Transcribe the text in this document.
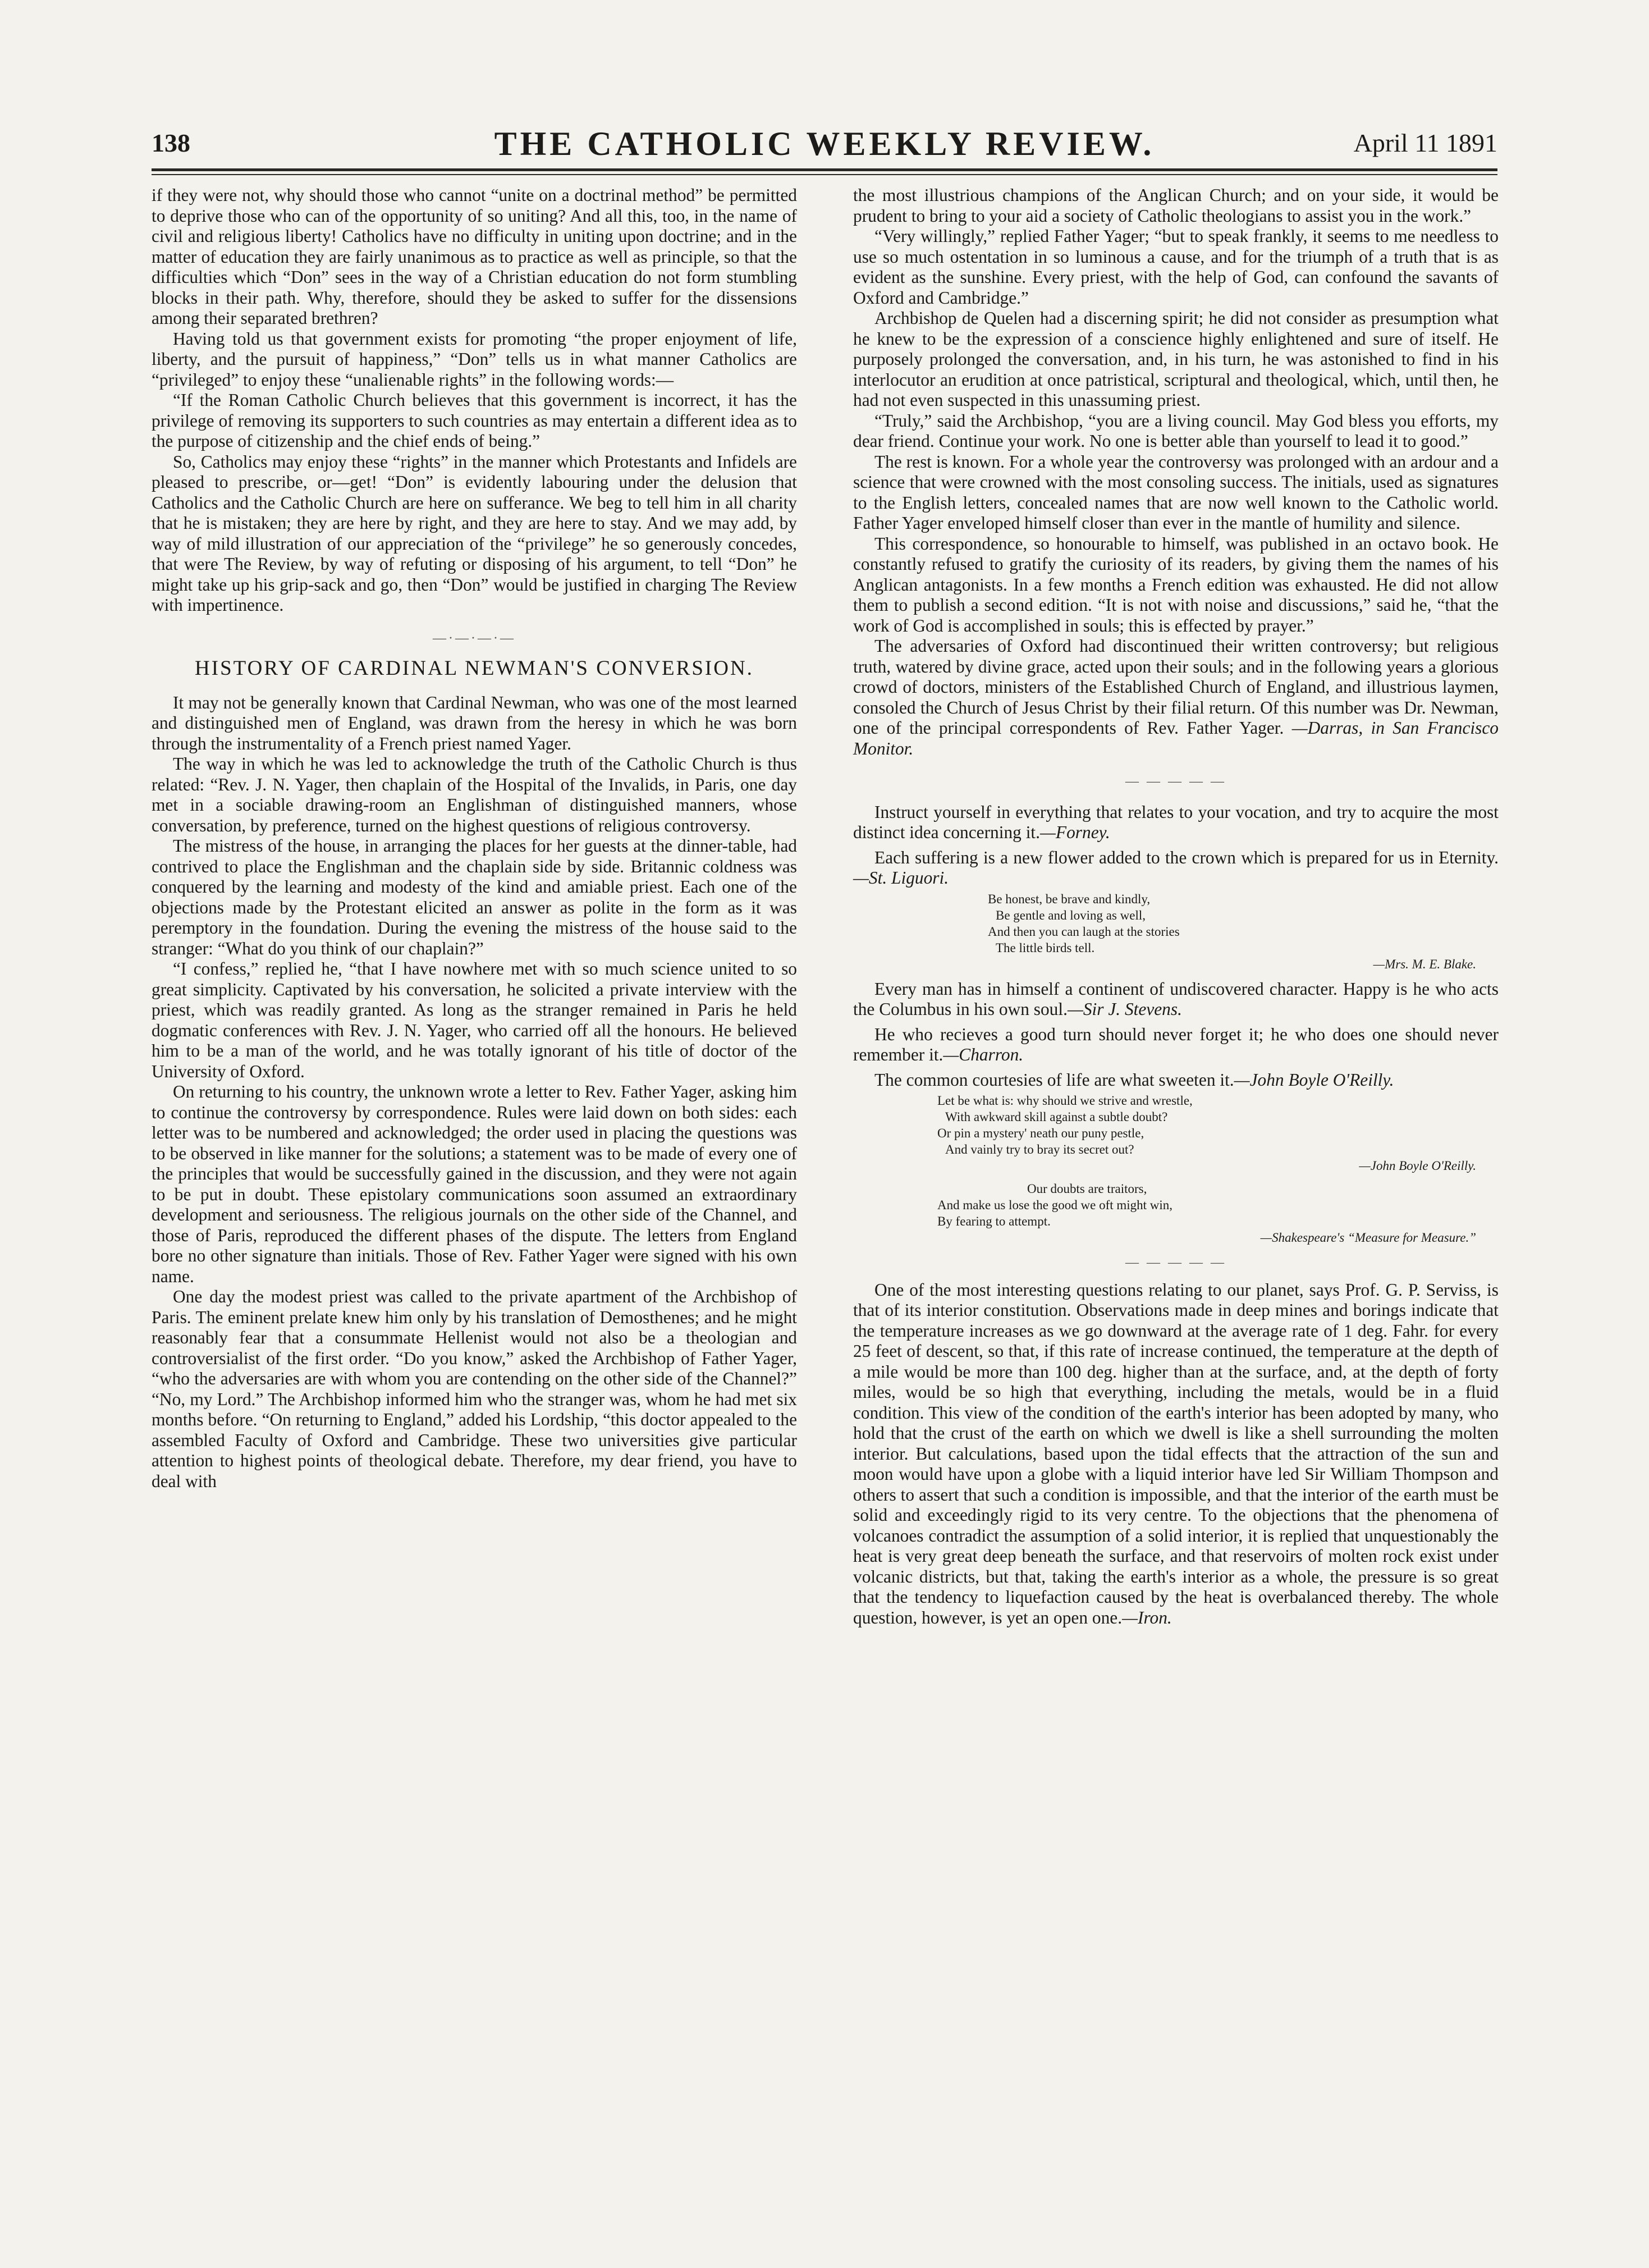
138	THE CATHOLIC WEEKLY REVIEW.	April 11 1891

if they were not, why should those who cannot “unite on a doctrinal method” be permitted to deprive those who can of the opportunity of so uniting? And all this, too, in the name of civil and religious liberty! Catholics have no difficulty in uniting upon doctrine; and in the matter of education they are fairly unanimous as to practice as well as principle, so that the difficulties which “Don” sees in the way of a Christian education do not form stumbling blocks in their path. Why, therefore, should they be asked to suffer for the dissensions among their separated brethren?

Having told us that government exists for promoting “the proper enjoyment of life, liberty, and the pursuit of happiness,” “Don” tells us in what manner Catholics are “privileged” to enjoy these “unalienable rights” in the following words:—

“If the Roman Catholic Church believes that this government is incorrect, it has the privilege of removing its supporters to such countries as may entertain a different idea as to the purpose of citizenship and the chief ends of being.”

So, Catholics may enjoy these “rights” in the manner which Protestants and Infidels are pleased to prescribe, or—get! “Don” is evidently labouring under the delusion that Catholics and the Catholic Church are here on sufferance. We beg to tell him in all charity that he is mistaken; they are here by right, and they are here to stay. And we may add, by way of mild illustration of our appreciation of the “privilege” he so generously concedes, that were The Review, by way of refuting or disposing of his argument, to tell “Don” he might take up his grip-sack and go, then “Don” would be justified in charging The Review with impertinence.

—·—·—·—
HISTORY OF CARDINAL NEWMAN'S CONVERSION.

It may not be generally known that Cardinal Newman, who was one of the most learned and distinguished men of England, was drawn from the heresy in which he was born through the instrumentality of a French priest named Yager.

The way in which he was led to acknowledge the truth of the Catholic Church is thus related: “Rev. J. N. Yager, then chaplain of the Hospital of the Invalids, in Paris, one day met in a sociable drawing-room an Englishman of distinguished manners, whose conversation, by preference, turned on the highest questions of religious controversy.

The mistress of the house, in arranging the places for her guests at the dinner-table, had contrived to place the Englishman and the chaplain side by side. Britannic coldness was conquered by the learning and modesty of the kind and amiable priest. Each one of the objections made by the Protestant elicited an answer as polite in the form as it was peremptory in the foundation. During the evening the mistress of the house said to the stranger: “What do you think of our chaplain?”

“I confess,” replied he, “that I have nowhere met with so much science united to so great simplicity. Captivated by his conversation, he solicited a private interview with the priest, which was readily granted. As long as the stranger remained in Paris he held dogmatic conferences with Rev. J. N. Yager, who carried off all the honours. He believed him to be a man of the world, and he was totally ignorant of his title of doctor of the University of Oxford.

On returning to his country, the unknown wrote a letter to Rev. Father Yager, asking him to continue the controversy by correspondence. Rules were laid down on both sides: each letter was to be numbered and acknowledged; the order used in placing the questions was to be observed in like manner for the solutions; a statement was to be made of every one of the principles that would be successfully gained in the discussion, and they were not again to be put in doubt. These epistolary communications soon assumed an extraordinary development and seriousness. The religious journals on the other side of the Channel, and those of Paris, reproduced the different phases of the dispute. The letters from England bore no other signature than initials. Those of Rev. Father Yager were signed with his own name.

One day the modest priest was called to the private apartment of the Archbishop of Paris. The eminent prelate knew him only by his translation of Demosthenes; and he might reasonably fear that a consummate Hellenist would not also be a theologian and controversialist of the first order. “Do you know,” asked the Archbishop of Father Yager, “who the adversaries are with whom you are contending on the other side of the Channel?” “No, my Lord.” The Archbishop informed him who the stranger was, whom he had met six months before. “On returning to England,” added his Lordship, “this doctor appealed to the assembled Faculty of Oxford and Cambridge. These two universities give particular attention to highest points of theological debate. Therefore, my dear friend, you have to deal with

the most illustrious champions of the Anglican Church; and on your side, it would be prudent to bring to your aid a society of Catholic theologians to assist you in the work.”

“Very willingly,” replied Father Yager; “but to speak frankly, it seems to me needless to use so much ostentation in so luminous a cause, and for the triumph of a truth that is as evident as the sunshine. Every priest, with the help of God, can confound the savants of Oxford and Cambridge.”

Archbishop de Quelen had a discerning spirit; he did not consider as presumption what he knew to be the expression of a conscience highly enlightened and sure of itself. He purposely prolonged the conversation, and, in his turn, he was astonished to find in his interlocutor an erudition at once patristical, scriptural and theological, which, until then, he had not even suspected in this unassuming priest.

“Truly,” said the Archbishop, “you are a living council. May God bless you efforts, my dear friend. Continue your work. No one is better able than yourself to lead it to good.”

The rest is known. For a whole year the controversy was prolonged with an ardour and a science that were crowned with the most consoling success. The initials, used as signatures to the English letters, concealed names that are now well known to the Catholic world. Father Yager enveloped himself closer than ever in the mantle of humility and silence.

This correspondence, so honourable to himself, was published in an octavo book. He constantly refused to gratify the curiosity of its readers, by giving them the names of his Anglican antagonists. In a few months a French edition was exhausted. He did not allow them to publish a second edition. “It is not with noise and discussions,” said he, “that the work of God is accomplished in souls; this is effected by prayer.”

The adversaries of Oxford had discontinued their written controversy; but religious truth, watered by divine grace, acted upon their souls; and in the following years a glorious crowd of doctors, ministers of the Established Church of England, and illustrious laymen, consoled the Church of Jesus Christ by their filial return. Of this number was Dr. Newman, one of the principal correspondents of Rev. Father Yager. —Darras, in San Francisco Monitor.

— — — — —

Instruct yourself in everything that relates to your vocation, and try to acquire the most distinct idea concerning it.—Forney.

Each suffering is a new flower added to the crown which is prepared for us in Eternity.—St. Liguori.

Be honest, be brave and kindly,

Be gentle and loving as well,

And then you can laugh at the stories

The little birds tell.

—Mrs. M. E. Blake.

Every man has in himself a continent of undiscovered character. Happy is he who acts the Columbus in his own soul.—Sir J. Stevens.

He who recieves a good turn should never forget it; he who does one should never remember it.—Charron.

The common courtesies of life are what sweeten it.—John Boyle O'Reilly.

Let be what is: why should we strive and wrestle,

With awkward skill against a subtle doubt?

Or pin a mystery' neath our puny pestle,

And vainly try to bray its secret out?

—John Boyle O'Reilly.

Our doubts are traitors,

And make us lose the good we oft might win,

By fearing to attempt.

—Shakespeare's “Measure for Measure.”

— — — — —

One of the most interesting questions relating to our planet, says Prof. G. P. Serviss, is that of its interior constitution. Observations made in deep mines and borings indicate that the temperature increases as we go downward at the average rate of 1 deg. Fahr. for every 25 feet of descent, so that, if this rate of increase continued, the temperature at the depth of a mile would be more than 100 deg. higher than at the surface, and, at the depth of forty miles, would be so high that everything, including the metals, would be in a fluid condition. This view of the condition of the earth's interior has been adopted by many, who hold that the crust of the earth on which we dwell is like a shell surrounding the molten interior. But calculations, based upon the tidal effects that the attraction of the sun and moon would have upon a globe with a liquid interior have led Sir William Thompson and others to assert that such a condition is impossible, and that the interior of the earth must be solid and exceedingly rigid to its very centre. To the objections that the phenomena of volcanoes contradict the assumption of a solid interior, it is replied that unquestionably the heat is very great deep beneath the surface, and that reservoirs of molten rock exist under volcanic districts, but that, taking the earth's interior as a whole, the pressure is so great that the tendency to liquefaction caused by the heat is overbalanced thereby. The whole question, however, is yet an open one.—Iron.
